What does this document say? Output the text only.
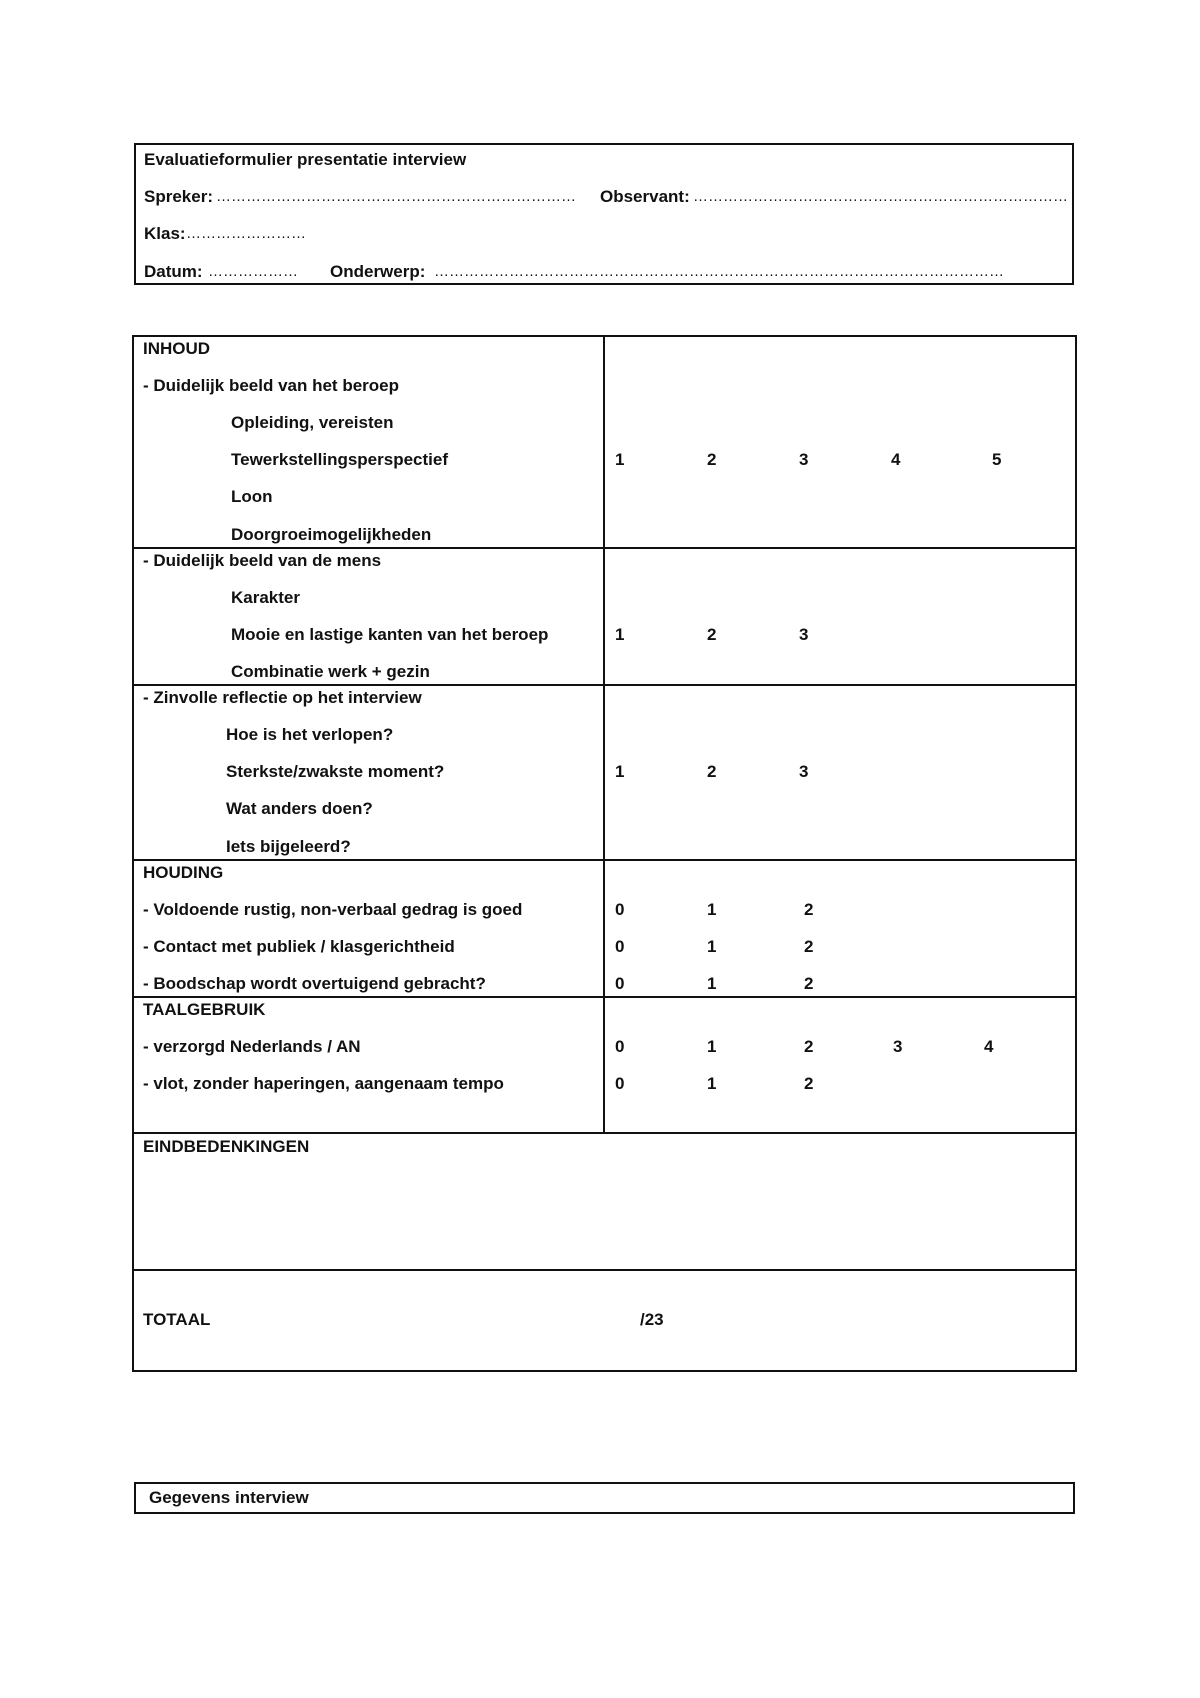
Evaluatieformulier presentatie interview
Spreker: ……………………………………………………………… Observant: …………………………………………………………………
Klas: ……………………
Datum: ……………… Onderwerp: ……………………………………………………………………………………………………
INHOUD
- Duidelijk beeld van het beroep
Opleiding, vereisten
Tewerkstellingsperspectief
Loon
Doorgroeimogelijkheden
1	2	3	4	5
- Duidelijk beeld van de mens
Karakter
Mooie en lastige kanten van het beroep
Combinatie werk + gezin
1	2	3
- Zinvolle reflectie op het interview
Hoe is het verlopen?
Sterkste/zwakste moment?
Wat anders doen?
Iets bijgeleerd?
1	2	3
HOUDING
- Voldoende rustig, non-verbaal gedrag is goed	0	1	2
- Contact met publiek / klasgerichtheid	0	1	2
- Boodschap wordt overtuigend gebracht?	0	1	2
TAALGEBRUIK
- verzorgd Nederlands / AN	0	1	2	3	4
- vlot, zonder haperingen, aangenaam tempo	0	1	2
EINDBEDENKINGEN
TOTAAL	/23
Gegevens interview
